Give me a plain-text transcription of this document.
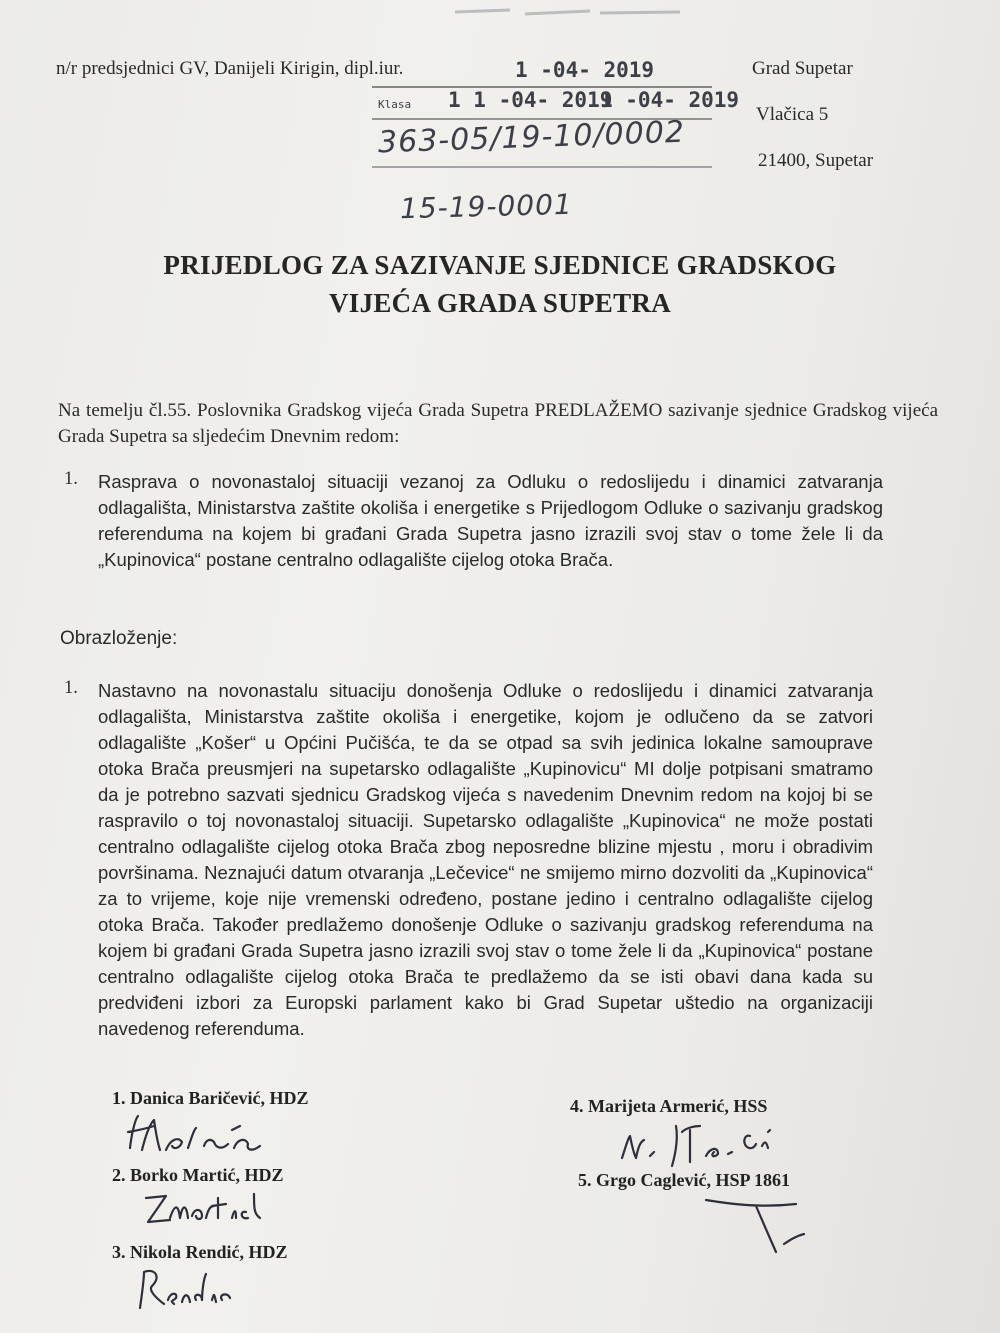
n/r predsjednici GV, Danijeli Kirigin, dipl.iur.	Grad Supetar
Vlačica 5
21400, Supetar
1 -04- 2019
Klasa 1 1 -04- 2019
1 -04- 2019
363-05/19-10/0002
15-19-0001
PRIJEDLOG ZA SAZIVANJE SJEDNICE GRADSKOG
VIJEĆA GRADA SUPETRA
Na temelju čl.55. Poslovnika Gradskog vijeća Grada Supetra PREDLAŽEMO sazivanje sjednice Gradskog vijeća Grada Supetra sa sljedećim Dnevnim redom:
1. Rasprava o novonastaloj situaciji vezanoj za Odluku o redoslijedu i dinamici zatvaranja odlagališta, Ministarstva zaštite okoliša i energetike s Prijedlogom Odluke o sazivanju gradskog referenduma na kojem bi građani Grada Supetra jasno izrazili svoj stav o tome žele li da „Kupinovica“ postane centralno odlagalište cijelog otoka Brača.
Obrazloženje:
1. Nastavno na novonastalu situaciju donošenja Odluke o redoslijedu i dinamici zatvaranja odlagališta, Ministarstva zaštite okoliša i energetike, kojom je odlučeno da se zatvori odlagalište „Košer“ u Općini Pučišća, te da se otpad sa svih jedinica lokalne samouprave otoka Brača preusmjeri na supetarsko odlagalište „Kupinovicu“ MI dolje potpisani smatramo da je potrebno sazvati sjednicu Gradskog vijeća s navedenim Dnevnim redom na kojoj bi se raspravilo o toj novonastaloj situaciji. Supetarsko odlagalište „Kupinovica“ ne može postati centralno odlagalište cijelog otoka Brača zbog neposredne blizine mjestu , moru i obradivim površinama. Neznajući datum otvaranja „Lečevice“ ne smijemo mirno dozvoliti da „Kupinovica“ za to vrijeme, koje nije vremenski određeno, postane jedino i centralno odlagalište cijelog otoka Brača. Također predlažemo donošenje Odluke o sazivanju gradskog referenduma na kojem bi građani Grada Supetra jasno izrazili svoj stav o tome žele li da „Kupinovica“ postane centralno odlagalište cijelog otoka Brača te predlažemo da se isti obavi dana kada su predviđeni izbori za Europski parlament kako bi Grad Supetar uštedio na organizaciji navedenog referenduma.
1. Danica Baričević, HDZ
2. Borko Martić, HDZ
3. Nikola Rendić, HDZ
4. Marijeta Armerić, HSS
5. Grgo Caglević, HSP 1861
